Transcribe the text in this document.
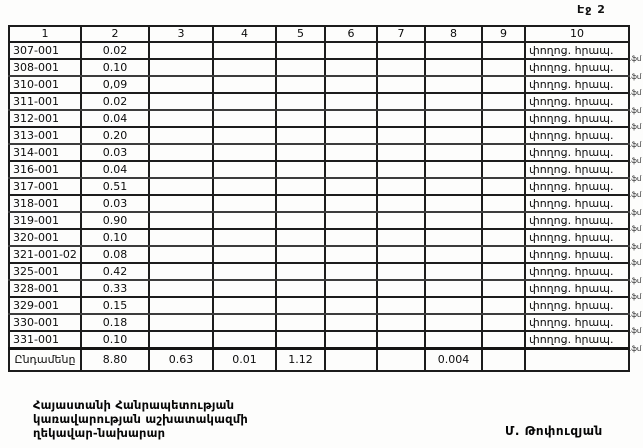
Էջ 2
1	2	3	4	5	6	7	8	9	10
307-001	0.02								փողոց. հրապ.
308-001	0.10								փողոց. հրապ.
310-001	0,09								փողոց. հրապ.
311-001	0.02								փողոց. հրապ.
312-001	0.04								փողոց. հրապ.
313-001	0.20								փողոց. հրապ.
314-001	0.03								փողոց. հրապ.
316-001	0.04								փողոց. հրապ.
317-001	0.51								փողոց. հրապ.
318-001	0.03								փողոց. հրապ.
319-001	0.90								փողոց. հրապ.
320-001	0.10								փողոց. հրապ.
321-001-02	0.08								փողոց. հրապ.
325-001	0.42								փողոց. հրապ.
328-001	0.33								փողոց. հրապ.
329-001	0.15								փողոց. հրապ.
330-001	0.18								փողոց. հրապ.
331-001	0.10								փողոց. հրապ.
Ընդամենը	8.80	0.63	0.01	1.12			0.004		
.ֆմ
.ֆմ
.ֆմ
.ֆմ
.ֆմ
.ֆմ
.ֆմ
.ֆմ
.ֆմ
.ֆմ
.ֆմ
.ֆմ
.ֆմ
.ֆմ
.ֆմ
.ֆմ
.ֆմ
.ֆմ
Հայաստանի Հանրապետության
կառավարության աշխատակազմի
ղեկավար-նախարար	Մ. Թոփուզյան
